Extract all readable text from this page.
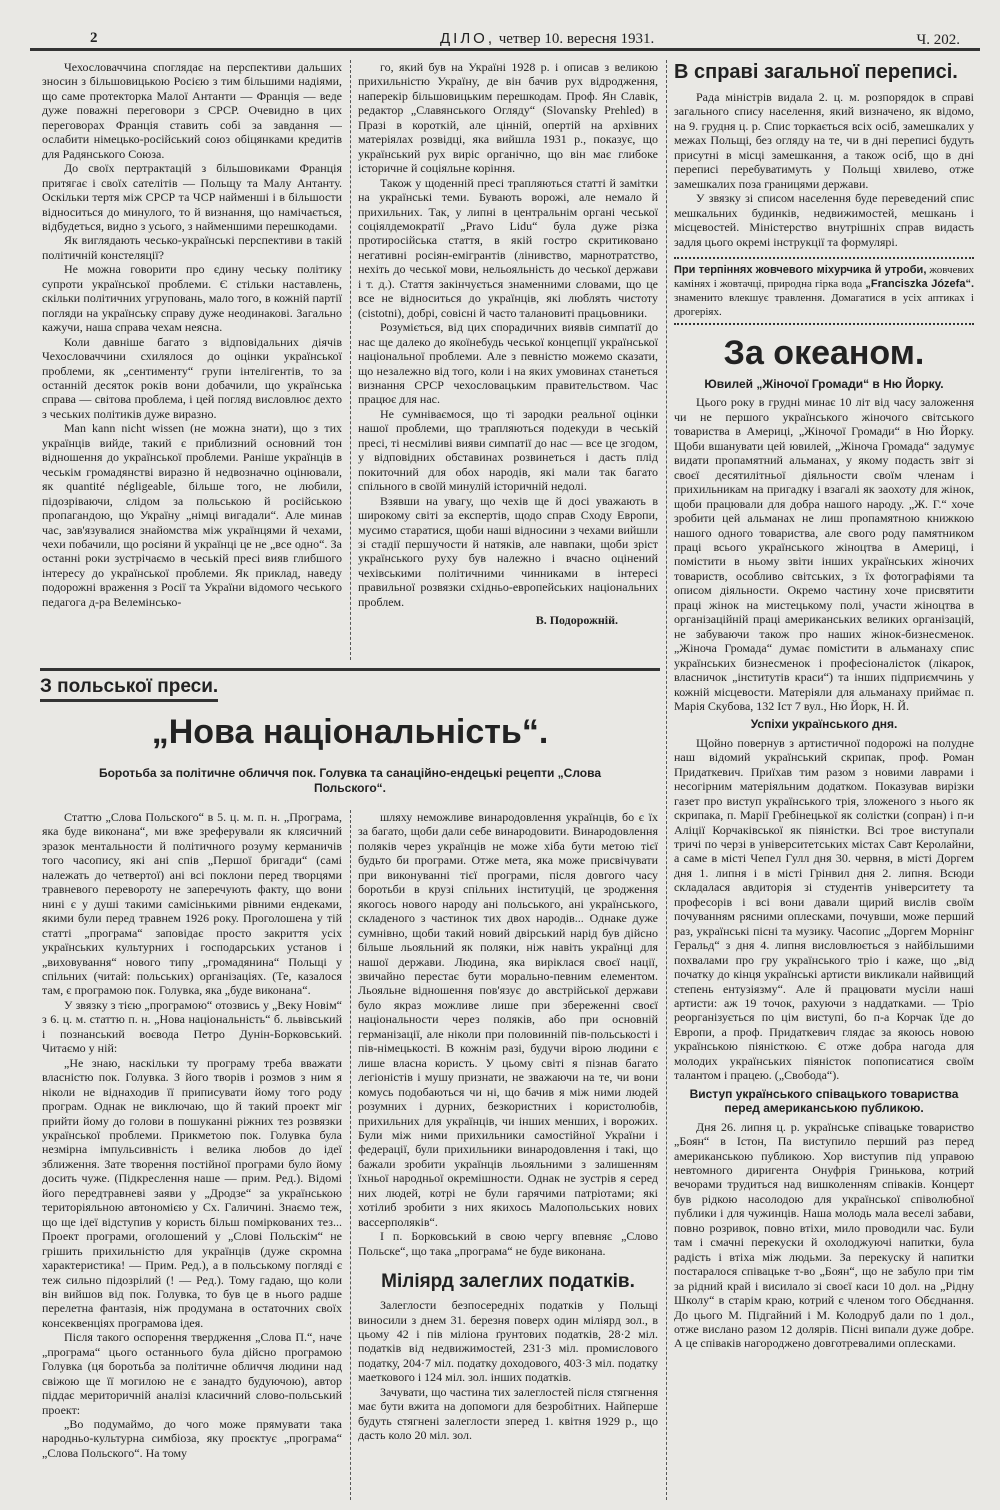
2	ДІЛО, четвер 10. вересня 1931.	Ч. 202.

Чехословаччина споглядає на перспективи дальших зносин з більшовицькою Росією з тим більшими надіями, що саме протекторка Малої Антанти — Франція — веде дуже поважні переговори з СРСР. Очевидно в цих переговорах Франція ставить собі за завдання — ослабити німецько-російський союз обіцянками кредитів для Радянського Союза.

До своїх пертрактацій з більшовиками Франція притягає і своїх сателітів — Польщу та Малу Антанту. Оскільки тертя між СРСР та ЧСР найменші і в більшости відноситься до минулого, то й визнання, що намічається, відбудеться, видно з усього, з найменшими перешкодами.

Як виглядають чесько-українські перспективи в такій політичній констеляції?

Не можна говорити про єдину чеську політику супроти української проблеми. Є стільки наставлень, скільки політичних угруповань, мало того, в кожній партії погляди на українську справу дуже неодинакові. Загально кажучи, наша справа чехам неясна.

Коли давніше багато з відповідальних діячів Чехословаччини схилялося до оцінки української проблеми, як „сентименту“ групи інтелігентів, то за останній десяток років вони добачили, що українська справа — світова проблема, і цей погляд висловлює дехто з чеських політиків дуже виразно.

Man kann nicht wissen (не можна знати), що з тих українців вийде, такий є приблизний основний тон відношення до української проблеми. Раніше українців в чеськім громадянстві виразно й недвозначно оцінювали, як quantité négligeable, більше того, не любили, підозріваючи, слідом за польською й російською пропагандою, що Україну „німці вигадали“. Але минав час, зав'язувалися знайомства між українцями й чехами, чехи побачили, що росіяни й українці це не „все одно“. За останні роки зустрічаємо в чеській пресі вияв глибшого інтересу до української проблеми. Як приклад, наведу подорожні враження з Росії та України відомого чеського педагога д-ра Велемінсько-

го, який був на Україні 1928 р. і описав з великою прихильністю Україну, де він бачив рух відродження, наперекір більшовицьким перешкодам. Проф. Ян Славік, редактор „Славянського Огляду“ (Slovansky Prehled) в Празі в короткій, але цінній, опертій на архівних матеріялах розвідці, яка вийшла 1931 р., показує, що український рух виріс органічно, що він має глибоке історичне й соціяльне коріння.

Також у щоденній пресі трапляються статті й замітки на українські теми. Бувають ворожі, але немало й прихильних. Так, у липні в центральнім органі чеської соціялдемократії „Pravo Lidu“ була дуже різка протиросійська стаття, в якій гостро скритиковано негативні росіян-емігрантів (лінивство, марнотратство, нехіть до чеської мови, нельояльність до чеської держави і т. д.). Стаття закінчується знаменними словами, що це все не відноситься до українців, які люблять чистоту (cistotni), добрі, совісні й часто талановиті працьовники.

Розуміється, від цих спорадичних виявів симпатії до нас ще далеко до якоїнебудь чеської концепції української національної проблеми. Але з певністю можемо сказати, що незалежно від того, коли і на яких умовинах станеться визнання СРСР чехословацьким правительством. Час працює для нас.

Не сумніваємося, що ті зародки реальної оцінки нашої проблеми, що трапляються подекуди в чеській пресі, ті несміливі вияви симпатії до нас — все це згодом, у відповідних обставинах розвинеться і дасть плід покиточний для обох народів, які мали так багато спільного в своїй минулій історичній недолі.

Взявши на увагу, що чехів ще й досі уважають в широкому світі за експертів, щодо справ Сходу Европи, мусимо старатися, щоби наші відносини з чехами вийшли зі стадії першучости й натяків, але навпаки, щоби зріст українського руху був належно і вчасно оцінений чехівськими політичними чинниками в інтересі правильної розвязки східньо-европейських національних проблем.

В. Подорожній.
В справі загальної переписі.

Рада міністрів видала 2. ц. м. розпорядок в справі загального спису населення, який визначено, як відомо, на 9. грудня ц. р. Спис торкається всіх осіб, замешкалих у межах Польщі, без огляду на те, чи в дні переписі будуть присутні в місці замешкання, а також осіб, що в дні переписі перебуватимуть у Польщі хвилево, отже замешкалих поза границями держави.

У звязку зі списом населення буде переведений спис мешкальних будинків, недвижимостей, мешкань і місцевостей. Міністерство внутрішніх справ видасть задля цього окремі інструкції та формулярі.

При терпіннях жовчевого міхурчика й утроби, жовчевих камінях і жовтачці, природна гірка вода „Franciszka Józefa“. знаменито влекшує травлення. Домагатися в усіх аптиках і дрогеріях.
За океаном.
Ювилей „Жіночої Громади“ в Ню Йорку.

Цього року в грудні минає 10 літ від часу заложення чи не першого українського жіночого світського товариства в Америці, „Жіночої Громади“ в Ню Йорку. Щоби вшанувати цей ювилей, „Жіноча Громада“ задумує видати пропамятний альманах, у якому подасть звіт зі своєї десятилітньої діяльности своїм членам і прихильникам на пригадку і взагалі як заохоту для жінок, щоби працювали для добра нашого народу. „Ж. Г.“ хоче зробити цей альманах не лиш пропамятною книжкою нашого одного товариства, але свого роду памятником праці всього українського жіноцтва в Америці, і помістити в ньому звіти інших українських жіночих товариств, особливо світських, з їх фотографіями та описом діяльности. Окремо частину хоче присвятити праці жінок на мистецькому полі, участи жіноцтва в організаційній праці американських великих організацій, не забуваючи також про наших жінок-бизнесменок. „Жіноча Громада“ думає помістити в альманаху спис українських бизнесменок і професіоналісток (лікарок, власничок „інститутів краси“) та інших підприємчинь у кожній місцевости. Матеріяли для альманаху приймає п. Марія Скубова, 132 Іст 7 вул., Ню Йорк, Н. Й.

Успіхи українського дня.

Щойно повернув з артистичної подорожі на полудне наш відомий український скрипак, проф. Роман Придаткевич. Приїхав тим разом з новими лаврами і несогірним матеріяльним додатком. Показував вирізки газет про виступ українського трія, зложеного з нього як скрипака, п. Марії Гребінецької як солістки (сопран) і п-и Аліції Корчаківської як піяністки. Всі трое виступали тричі по черзі в університетських містах Савт Керолайни, а саме в місті Чепел Гулл дня 30. червня, в місті Доргем дня 1. липня і в місті Грінвил дня 2. липня. Всюди складалася авдиторія зі студентів університету та професорів і всі вони давали щирий вислів своїм почуванням рясними оплесками, почувши, може перший раз, українські пісні та музику. Часопис „Доргем Морнінг Геральд“ з дня 4. липня висловлюється з найбільшими похвалами про гру українського тріо і каже, що „від початку до кінця українські артисти викликали найвищий степень ентузіязму“. Але й працювати мусіли наші артисти: аж 19 точок, рахуючи з наддатками. — Тріо реорганізується по цім виступі, бо п-а Корчак їде до Европи, а проф. Придаткевич глядає за якоюсь новою українською піяністкою. Є отже добра нагода для молодих українських піяністок попописатися своїм талантом і працею. („Свобода“).

Виступ українського співацького товариства перед американською публикою.

Дня 26. липня ц. р. українське співацьке товариство „Боян“ в Істон, Па виступило перший раз перед американською публикою. Хор виступив під управою невтомного диригента Онуфрія Гринькова, котрий вечорами трудиться над вишколенням співаків. Концерт був рідкою насолодою для української співолюбної публики і для чужинців. Наша молодь мала веселі забави, повно розривок, повно втіхи, мило проводили час. Були там і смачні перекуски й охолоджуючі напитки, була радість і втіха між людьми. За перекуску й напитки постаралося співацьке т-во „Боян“, що не забуло при тім за рідний край і висилало зі своєї каси 10 дол. на „Рідну Школу“ в старім краю, котрий є членом того Обєднання. До цього М. Підгайний і М. Колодруб дали по 1 дол., отже вислано разом 12 долярів. Пісні випали дуже добре. А це співаків нагороджено довготревалими оплесками.

З польської преси.
„Нова національність“.
Боротьба за політичне обличчя пок. Голувка та санаційно-ендецькі рецепти „Слова Польского“.

Статтю „Слова Польского“ в 5. ц. м. п. н. „Програма, яка буде виконана“, ми вже зреферували як клясичний зразок ментальности й політичного розуму керманичів того часопису, які ані спів „Першої бригади“ (самі належать до четвертої) ані всі поклони перед творцями травневого перевороту не заперечують факту, що вони нині є у душі такими самісінькими рівними ендеками, якими були перед травнем 1926 року. Проголошена у тій статті „програма“ заповідає просто закриття усіх українських культурних і господарських установ і „виховування“ нового типу „громадянина“ Польщі у спільних (читай: польських) організаціях. (Те, казалося там, є програмою пок. Голувка, яка „буде виконана“.

У звязку з тією „програмою“ отозвись у „Веку Новім“ з 6. ц. м. статтю п. н. „Нова національність“ б. львівський і познанський воєвода Петро Дунін-Борковський. Читаємо у ній:

„Не знаю, наскільки ту програму треба вважати власністю пок. Голувка. З його творів і розмов з ним я ніколи не віднаходив її приписувати йому того роду програм. Однак не виключаю, що й такий проект мiг прийти йому до голови в пошуканні ріжних тез розвязки української проблеми. Прикметою пок. Голувка була незмірна імпульсивність і велика любов до ідеї зближення. Зате творення постійної програми було йому досить чуже. (Підкреслення наше — прим. Ред.). Відомі його передтравневі заяви у „Дродзе“ за українською територіяльною автономією у Сх. Галичині. Знаємо теж, що ще ідеї відступив у користь більш поміркованих тез... Проект програми, оголошений у „Слові Польскім“ не грішить прихильністю для українців (дуже скромна характеристика! — Прим. Ред.), а в польському погляді є теж сильно підозрілий (! — Ред.). Тому гадаю, що коли він вийшов від пок. Голувка, то був це в нього радше перелетна фантазія, ніж продумана в остаточних своїх консеквенціях програмова ідея.

Після такого оспорення твердження „Слова П.“, наче „програма“ цього останнього була дійсно програмою Голувка (ця боротьба за політичне обличчя людини над свіжою ще її могилою не є занадто будуючою), автор піддає мериторичній аналізі класичний слово-польський проект:

„Во подумаймо, до чого може прямувати така народньо-культурна симбіоза, яку проєктує „програма“ „Слова Польского“. На тому

шляху неможливе винародовлення українців, бо є їх за багато, щоби дали себе винародовити. Винародовлення поляків через українців не може хіба бути метою тієї будьто би програми. Отже мета, яка може присвічувати при виконуванні тієї програми, після довгого часу боротьби в крузі спільних інституцій, це зродження якогось нового народу ані польського, ані українського, складеного з частинок тих двох народів... Однаке дуже сумнівно, щоби такий новий двірський нарід був дійсно більше льояльний як поляки, ніж навіть українці для нашої держави. Людина, яка виріклася своєї нації, звичайно перестає бути морально-певним елементом. Льояльне відношення пов'язує до австрійської держави було якраз можливе лише при збереженні своєї національности через поляків, або при основній германізації, але ніколи при половинній пів-польськості і пів-німецькості. В кожнім разі, будучи вірою людини є лише власна користь. У цьому світі я пізнав багато легіоністів і мушу признати, не зважаючи на те, чи вони комусь подобаються чи ні, що бачив я між ними людей розумних і дурних, безкористних і користолюбів, прихильних для українців, чи інших менших, і ворожих. Були між ними прихильники самостійної України і федерації, були прихильники винародовлення і такі, що бажали зробити українців льояльними з залишенням їхньої народньої окремішности. Однак не зустрів я серед них людей, котрі не були гарячими патріотами; які хотілиб зробити з них якихось Малопольських нових вассерполяків“.

І п. Борковський в свою чергу впевняє „Слово Польске“, що така „програма“ не буде виконана.

Міліярд залеглих податків.

Залеглости безпосередніх податків у Польщі виносили з днем 31. березня поверх один міліярд зол., в цьому 42 і пів міліона ґрунтових податків, 28·2 міл. податків від недвижимостей, 231·3 міл. промислового податку, 204·7 міл. податку доходового, 403·3 міл. податку маеткового і 124 міл. зол. інших податків.

Зачувати, що частина тих залеглостей після стягнення має бути вжита на допомоги для безробітних. Найперше будуть стягнені залеглости зперед 1. квітня 1929 р., що дасть коло 20 міл. зол.
